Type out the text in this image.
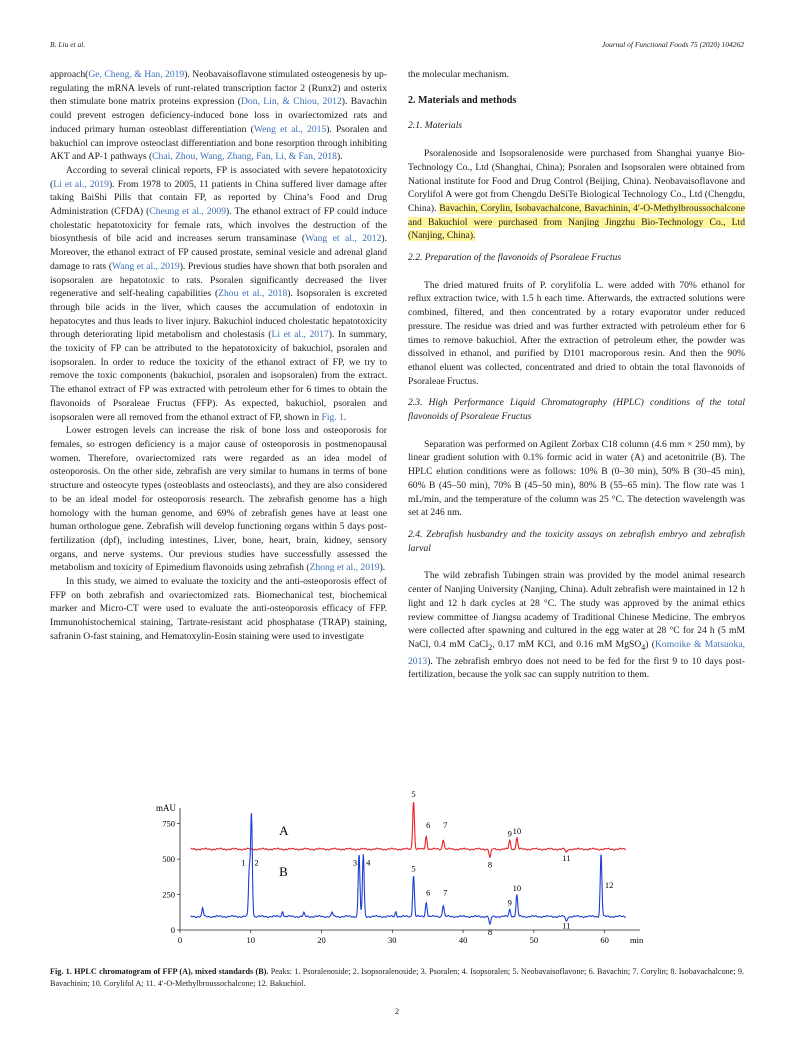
B. Liu et al.	Journal of Functional Foods 75 (2020) 104262

approach(Ge, Cheng, & Han, 2019). Neobavaisoflavone stimulated osteogenesis by up-regulating the mRNA levels of runt-related transcription factor 2 (Runx2) and osterix then stimulate bone matrix proteins expression (Don, Lin, & Chiou, 2012). Bavachin could prevent estrogen deficiency-induced bone loss in ovariectomized rats and induced primary human osteoblast differentiation (Weng et al., 2015). Psoralen and bakuchiol can improve osteoclast differentiation and bone resorption through inhibiting AKT and AP-1 pathways (Chai, Zhou, Wang, Zhang, Fan, Li, & Fan, 2018).

According to several clinical reports, FP is associated with severe hepatotoxicity (Li et al., 2019). From 1978 to 2005, 11 patients in China suffered liver damage after taking BaiShi Pills that contain FP, as reported by China’s Food and Drug Administration (CFDA) (Cheung et al., 2009). The ethanol extract of FP could induce cholestatic hepatotoxicity for female rats, which involves the destruction of the biosynthesis of bile acid and increases serum transaminase (Wang et al., 2012). Moreover, the ethanol extract of FP caused prostate, seminal vesicle and adrenal gland damage to rats (Wang et al., 2019). Previous studies have shown that both psoralen and isopsoralen are hepatotoxic to rats. Psoralen significantly decreased the liver regenerative and self-healing capabilities (Zhou et al., 2018). Isopsoralen is excreted through bile acids in the liver, which causes the accumulation of endotoxin in hepatocytes and thus leads to liver injury. Bakuchiol induced cholestatic hepatotoxicity through deteriorating lipid metabolism and cholestasis (Li et al., 2017). In summary, the toxicity of FP can be attributed to the hepatotoxicity of bakuchiol, psoralen and isopsoralen. In order to reduce the toxicity of the ethanol extract of FP, we try to remove the toxic components (bakuchiol, psoralen and isopsoralen) from the extract. The ethanol extract of FP was extracted with petroleum ether for 6 times to obtain the flavonoids of Psoraleae Fructus (FFP). As expected, bakuchiol, psoralen and isopsoralen were all removed from the ethanol extract of FP, shown in Fig. 1.

Lower estrogen levels can increase the risk of bone loss and osteoporosis for females, so estrogen deficiency is a major cause of osteoporosis in postmenopausal women. Therefore, ovariectomized rats were regarded as an idea model of osteoporosis. On the other side, zebrafish are very similar to humans in terms of bone structure and osteocyte types (osteoblasts and osteoclasts), and they are also considered to be an ideal model for osteoporosis research. The zebrafish genome has a high homology with the human genome, and 69% of zebrafish genes have at least one human orthologue gene. Zebrafish will develop functioning organs within 5 days post-fertilization (dpf), including intestines, Liver, bone, heart, brain, kidney, sensory organs, and nerve systems. Our previous studies have successfully assessed the metabolism and toxicity of Epimedium flavonoids using zebrafish (Zhong et al., 2019).

In this study, we aimed to evaluate the toxicity and the anti-osteoporosis effect of FFP on both zebrafish and ovariectomized rats. Biomechanical test, biochemical marker and Micro-CT were used to evaluate the anti-osteoporosis efficacy of FFP. Immunohistochemical staining, Tartrate-resistant acid phosphatase (TRAP) staining, safranin O-fast staining, and Hematoxylin-Eosin staining were used to investigate

the molecular mechanism.

2. Materials and methods

2.1. Materials

Psoralenoside and Isopsoralenoside were purchased from Shanghai yuanye Bio-Technology Co., Ltd (Shanghai, China); Psoralen and Isopsoralen were obtained from National institute for Food and Drug Control (Beijing, China). Neobavaisoflavone and Corylifol A were got from Chengdu DeSiTe Biological Technology Co., Ltd (Chengdu, China). Bavachin, Corylin, Isobavachalcone, Bavachinin, 4′-O-Methylbroussochalcone and Bakuchiol were purchased from Nanjing Jingzhu Bio-Technology Co., Ltd (Nanjing, China).

2.2. Preparation of the flavonoids of Psoraleae Fructus

The dried matured fruits of P. corylifolia L. were added with 70% ethanol for reflux extraction twice, with 1.5 h each time. Afterwards, the extracted solutions were combined, filtered, and then concentrated by a rotary evaporator under reduced pressure. The residue was dried and was further extracted with petroleum ether for 6 times to remove bakuchiol. After the extraction of petroleum ether, the powder was dissolved in ethanol, and purified by D101 macroporous resin. And then the 90% ethanol eluent was collected, concentrated and dried to obtain the total flavonoids of Psoraleae Fructus.

2.3. High Performance Liquid Chromatography (HPLC) conditions of the total flavonoids of Psoraleae Fructus

Separation was performed on Agilent Zorbax C18 column (4.6 mm × 250 mm), by linear gradient solution with 0.1% formic acid in water (A) and acetonitrile (B). The HPLC elution conditions were as follows: 10% B (0–30 min), 50% B (30–45 min), 60% B (45–50 min), 70% B (45–50 min), 80% B (55–65 min). The flow rate was 1 mL/min, and the temperature of the column was 25 °C. The detection wavelength was set at 246 nm.

2.4. Zebrafish husbandry and the toxicity assays on zebrafish embryo and zebrafish larval

The wild zebrafish Tubingen strain was provided by the model animal research center of Nanjing University (Nanjing, China). Adult zebrafish were maintained in 12 h light and 12 h dark cycles at 28 °C. The study was approved by the animal ethics review committee of Jiangsu academy of Traditional Chinese Medicine. The embryos were collected after spawning and cultured in the egg water at 28 °C for 24 h (5 mM NaCl, 0.4 mM CaCl$_2$, 0.17 mM KCl, and 0.16 mM MgSO$_4$) (Komoike & Matsuoka, 2013). The zebrafish embryo does not need to be fed for the first 9 to 10 days post-fertilization, because the yolk sac can supply nutrition to them.

mAU
0
250
500
750
0	10	20	30	40	50	60 min
5
6 7
8
9 10
11
1 2	3 4
5
6 7
8
9
10
11
12
A
B
Fig. 1. HPLC chromatogram of FFP (A), mixed standards (B). Peaks: 1. Psoralenoside; 2. Isopsoralenoside; 3. Psoralen; 4. Isopsoralen; 5. Neobavaisoflavone; 6. Bavachin; 7. Corylin; 8. Isobavachalcone; 9. Bavachinin; 10. Corylifol A; 11. 4′-O-Methylbroussochalcone; 12. Bakuchiol.
2
